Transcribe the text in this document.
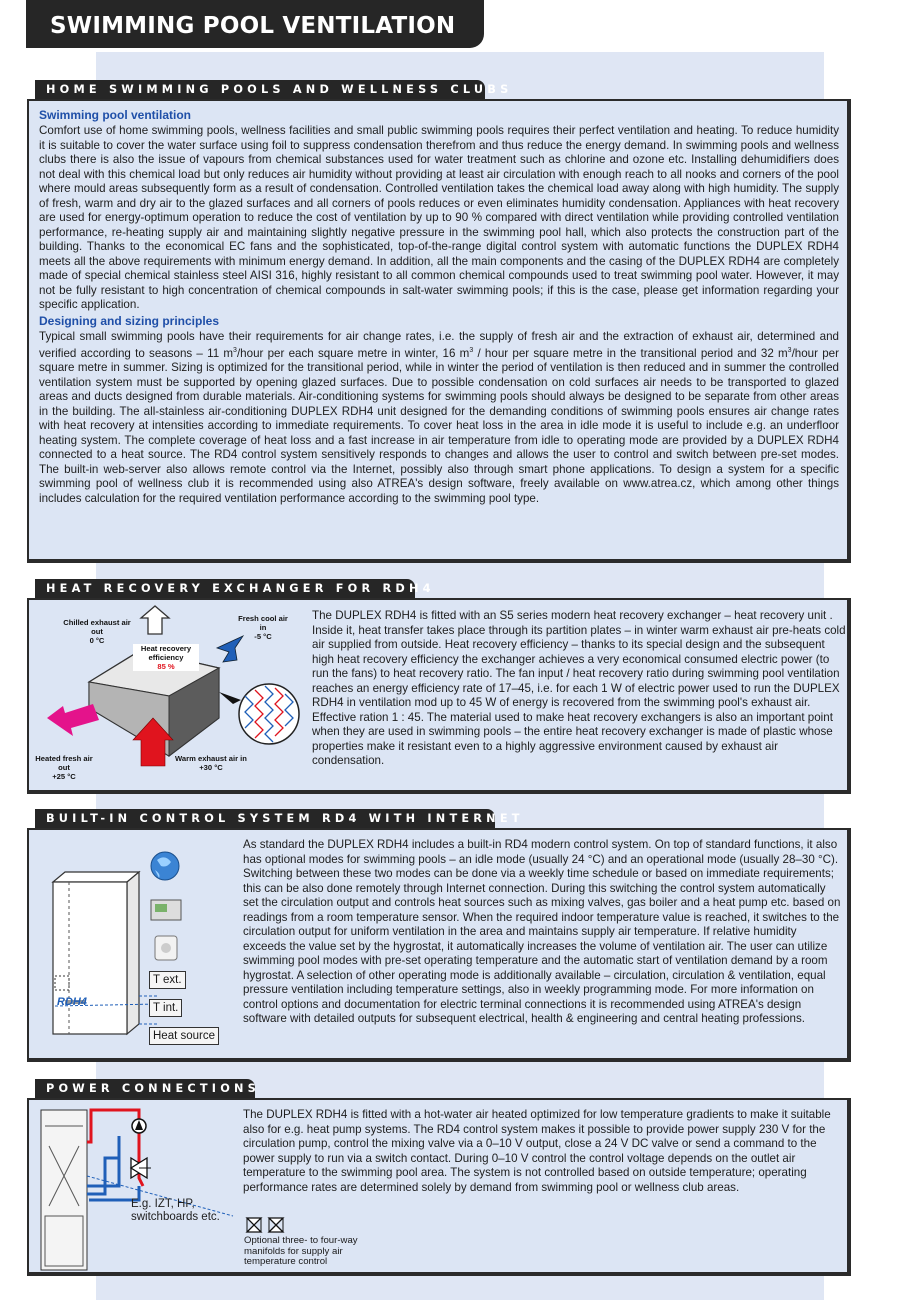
SWIMMING POOL VENTILATION
HOME SWIMMING POOLS AND WELLNESS CLUBS
Swimming pool ventilation

Comfort use of home swimming pools, wellness facilities and small public swimming pools requires their perfect ventilation and heating. To reduce humidity it is suitable to cover the water surface using foil to suppress condensation therefrom and thus reduce the energy demand. In swimming pools and wellness clubs there is also the issue of vapours from chemical substances used for water treatment such as chlorine and ozone etc. Installing dehumidifiers does not deal with this chemical load but only reduces air humidity without providing at least air circulation with enough reach to all nooks and corners of the pool where mould areas subsequently form as a result of condensation. Controlled ventilation takes the chemical load away along with high humidity. The supply of fresh, warm and dry air to the glazed surfaces and all corners of pools reduces or even eliminates humidity condensation. Appliances with heat recovery are used for energy-optimum operation to reduce the cost of ventilation by up to 90 % compared with direct ventilation while providing controlled ventilation performance, re-heating supply air and maintaining slightly negative pressure in the swimming pool hall, which also protects the construction part of the building. Thanks to the economical EC fans and the sophisticated, top-of-the-range digital control system with automatic functions the DUPLEX RDH4 meets all the above requirements with minimum energy demand. In addition, all the main components and the casing of the DUPLEX RDH4 are completely made of special chemical stainless steel AISI 316, highly resistant to all common chemical compounds used to treat swimming pool water. However, it may not be fully resistant to high concentration of chemical compounds in salt-water swimming pools; if this is the case, please get information regarding your specific application.

Designing and sizing principles

Typical small swimming pools have their requirements for air change rates, i.e. the supply of fresh air and the extraction of exhaust air, determined and verified according to seasons – 11 $m^3$/hour per each square metre in winter, 16 $m^3$ / hour per square metre in the transitional period and 32 $m^3$/hour per square metre in summer. Sizing is optimized for the transitional period, while in winter the period of ventilation is then reduced and in summer the controlled ventilation system must be supported by opening glazed surfaces. Due to possible condensation on cold surfaces air needs to be transported to glazed areas and ducts designed from durable materials. Air-conditioning systems for swimming pools should always be designed to be separate from other areas in the building. The all-stainless air-conditioning DUPLEX RDH4 unit designed for the demanding conditions of swimming pools ensures air change rates with heat recovery at intensities according to immediate requirements. To cover heat loss in the area in idle mode it is useful to include e.g. an underfloor heating system. The complete coverage of heat loss and a fast increase in air temperature from idle to operating mode are provided by a DUPLEX RDH4 connected to a heat source. The RD4 control system sensitively responds to changes and allows the user to control and switch between pre-set modes. The built-in web-server also allows remote control via the Internet, possibly also through smart phone applications. To design a system for a specific swimming pool of wellness club it is recommended using also ATREA's design software, freely available on www.atrea.cz, which among other things includes calculation for the required ventilation performance according to the swimming pool type.

HEAT RECOVERY EXCHANGER FOR RDH4
Chilled exhaust air out
0 °C
Fresh cool air in
-5 °C
Heat recovery efficiency
85 %
Heated fresh air out
+25 °C
Warm exhaust air in
+30 °C

The DUPLEX RDH4 is fitted with an S5 series modern heat recovery exchanger – heat recovery unit . Inside it, heat transfer takes place through its partition plates – in winter warm exhaust air pre-heats cold air supplied from outside. Heat recovery efficiency – thanks to its special design and the subsequent high heat recovery efficiency the exchanger achieves a very economical consumed electric power (to run the fans) to heat recovery ratio. The fan input / heat recovery ratio during swimming pool ventilation reaches an energy efficiency rate of 17–45, i.e. for each 1 W of electric power used to run the DUPLEX RDH4 in ventilation mod up to 45 W of energy is recovered from the swimming pool's exhaust air. Effective ration 1 : 45. The material used to make heat recovery exchangers is also an important point when they are used in swimming pools – the entire heat recovery exchanger is made of plastic whose properties make it resistant even to a highly aggressive environment caused by exhaust air condensation.

BUILT-IN CONTROL SYSTEM RD4 WITH INTERNET
RDH4
T ext.
T int.
Heat source

As standard the DUPLEX RDH4 includes a built-in RD4 modern control system. On top of standard functions, it also has optional modes for swimming pools – an idle mode (usually 24 °C) and an operational mode (usually 28–30 °C). Switching between these two modes can be done via a weekly time schedule or based on immediate requirements; this can be also done remotely through Internet connection. During this switching the control system automatically set the circulation output and controls heat sources such as mixing valves, gas boiler and a heat pump etc. based on readings from a room temperature sensor. When the required indoor temperature value is reached, it switches to the circulation output for uniform ventilation in the area and maintains supply air temperature. If relative humidity exceeds the value set by the hygrostat, it automatically increases the volume of ventilation air. The user can utilize swimming pool modes with pre-set operating temperature and the automatic start of ventilation demand by a room hygrostat. A selection of other operating mode is additionally available – circulation, circulation & ventilation, equal pressure ventilation including temperature settings, also in weekly programming mode. For more information on control options and documentation for electric terminal connections it is recommended using ATREA's design software with detailed outputs for subsequent electrical, health & engineering and central heating professions.

POWER CONNECTIONS
E.g. IZT, HP, switchboards etc.
Optional three- to four-way manifolds for supply air temperature control

The DUPLEX RDH4 is fitted with a hot-water air heated optimized for low temperature gradients to make it suitable also for e.g. heat pump systems. The RD4 control system makes it possible to provide power supply 230 V for the circulation pump, control the mixing valve via a 0–10 V output, close a 24 V DC valve or send a command to the power supply to run via a switch contact. During 0–10 V control the control voltage depends on the outlet air temperature to the swimming pool area. The system is not controlled based on outside temperature; operating performance rates are determined solely by demand from swimming pool or wellness club areas.
